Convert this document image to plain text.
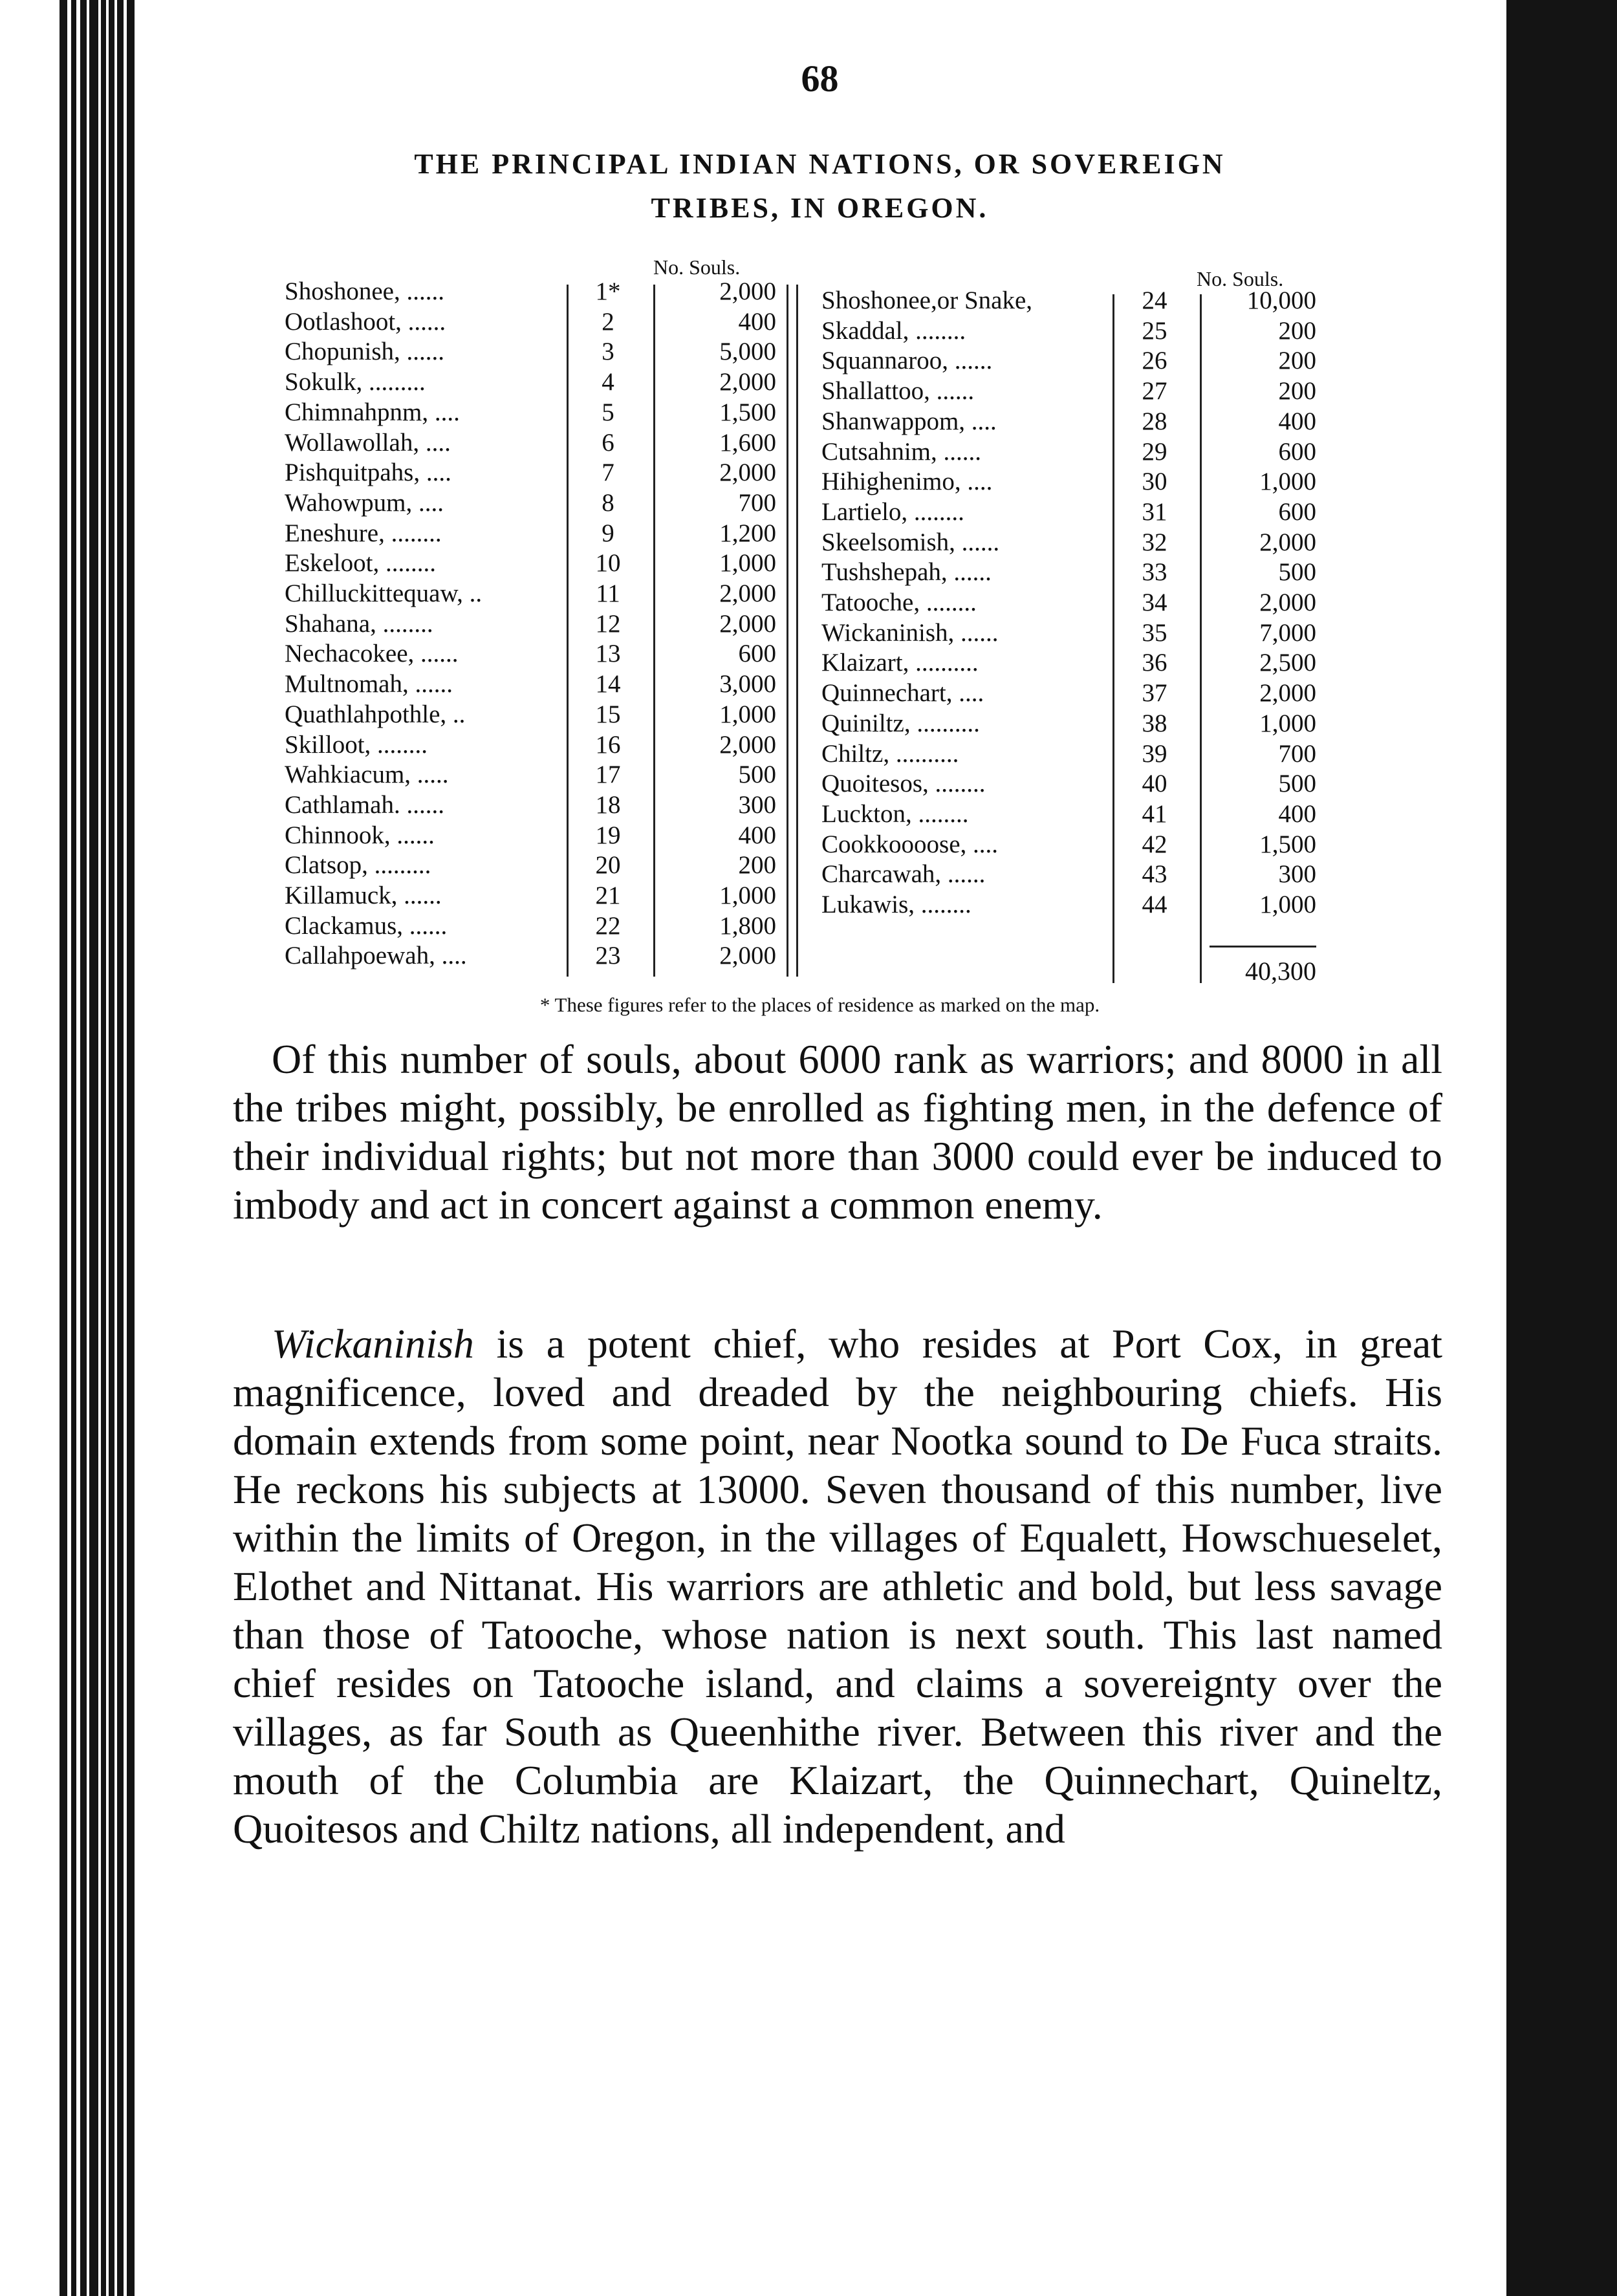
68
THE PRINCIPAL INDIAN NATIONS, OR SOVEREIGN
TRIBES, IN OREGON.
No. Souls.	No. Souls.
Shoshonee, ......	1*	2,000
Ootlashoot, ......	2	400
Chopunish, ......	3	5,000
Sokulk, .........	4	2,000
Chimnahpnm, ....	5	1,500
Wollawollah, ....	6	1,600
Pishquitpahs, ....	7	2,000
Wahowpum, ....	8	700
Eneshure, ........	9	1,200
Eskeloot, ........	10	1,000
Chilluckittequaw, ..	11	2,000
Shahana, ........	12	2,000
Nechacokee, ......	13	600
Multnomah, ......	14	3,000
Quathlahpothle, ..	15	1,000
Skilloot, ........	16	2,000
Wahkiacum, .....	17	500
Cathlamah. ......	18	300
Chinnook, ......	19	400
Clatsop, .........	20	200
Killamuck, ......	21	1,000
Clackamus, ......	22	1,800
Callahpoewah, ....	23	2,000
Shoshonee,or Snake,	24	10,000
Skaddal, ........	25	200
Squannaroo, ......	26	200
Shallattoo, ......	27	200
Shanwappom, ....	28	400
Cutsahnim, ......	29	600
Hihighenimo, ....	30	1,000
Lartielo, ........	31	600
Skeelsomish, ......	32	2,000
Tushshepah, ......	33	500
Tatooche, ........	34	2,000
Wickaninish, ......	35	7,000
Klaizart, ..........	36	2,500
Quinnechart, ....	37	2,000
Quiniltz, ..........	38	1,000
Chiltz, ..........	39	700
Quoitesos, ........	40	500
Luckton, ........	41	400
Cookkoooose, ....	42	1,500
Charcawah, ......	43	300
Lukawis, ........	44	1,000
40,300
* These figures refer to the places of residence as marked on the map.

Of this number of souls, about 6000 rank as warriors; and 8000 in all the tribes might, possibly, be enrolled as fighting men, in the defence of their individual rights; but not more than 3000 could ever be induced to imbody and act in concert against a common enemy.

Wickaninish is a potent chief, who resides at Port Cox, in great magnificence, loved and dreaded by the neighbouring chiefs. His domain extends from some point, near Nootka sound to De Fuca straits. He reckons his subjects at 13000. Seven thousand of this number, live within the limits of Oregon, in the villages of Equalett, Howschueselet, Elothet and Nittanat. His warriors are athletic and bold, but less savage than those of Tatooche, whose nation is next south. This last named chief resides on Tatooche island, and claims a sovereignty over the villages, as far South as Queenhithe river. Between this river and the mouth of the Columbia are Klaizart, the Quinnechart, Quineltz, Quoitesos and Chiltz nations, all independent, and
